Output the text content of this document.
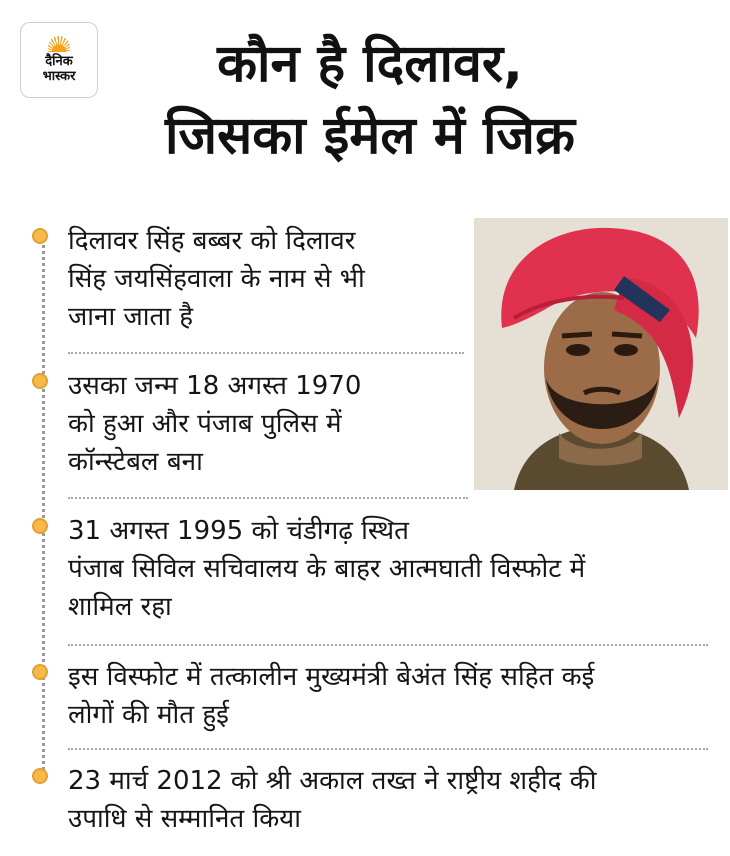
दैनिक
भास्कर	कौन है दिलावर,
जिसका ईमेल में जिक्र
दिलावर सिंह बब्बर को दिलावर
सिंह जयसिंहवाला के नाम से भी
जाना जाता है
उसका जन्म 18 अगस्त 1970
को हुआ और पंजाब पुलिस में
कॉन्स्टेबल बना
31 अगस्त 1995 को चंडीगढ़ स्थित
पंजाब सिविल सचिवालय के बाहर आत्मघाती विस्फोट में
शामिल रहा
इस विस्फोट में तत्कालीन मुख्यमंत्री बेअंत सिंह सहित कई
लोगों की मौत हुई
23 मार्च 2012 को श्री अकाल तख्त ने राष्ट्रीय शहीद की
उपाधि से सम्मानित किया
